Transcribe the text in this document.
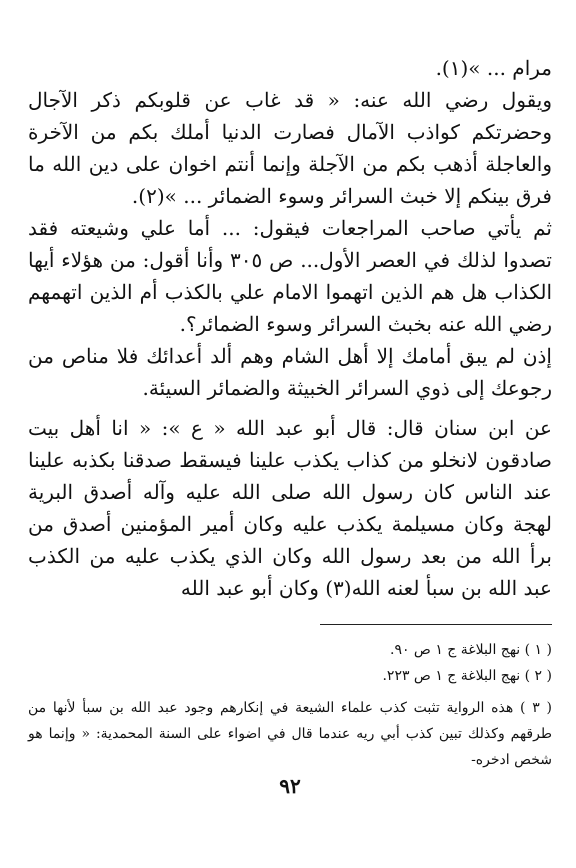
مرام ... »(١).

ويقول رضي الله عنه: « قد غاب عن قلوبكم ذكر الآجال وحضرتكم كواذب الآمال فصارت الدنيا أملك بكم من الآخرة والعاجلة أذهب بكم من الآجلة وإنما أنتم اخوان على دين الله ما فرق بينكم إلا خبث السرائر وسوء الضمائر ... »(٢).

ثم يأتي صاحب المراجعات فيقول: ... أما علي وشيعته فقد تصدوا لذلك في العصر الأول... ص ٣٠٥ وأنا أقول: من هؤلاء أيها الكذاب هل هم الذين اتهموا الامام علي بالكذب أم الذين اتهمهم رضي الله عنه بخبث السرائر وسوء الضمائر؟.

إذن لم يبق أمامك إلا أهل الشام وهم ألد أعدائك فلا مناص من رجوعك إلى ذوي السرائر الخبيثة والضمائر السيئة.

عن ابن سنان قال: قال أبو عبد الله « ع »: « انا أهل بيت صادقون لانخلو من كذاب يكذب علينا فيسقط صدقنا بكذبه علينا عند الناس كان رسول الله صلى الله عليه وآله أصدق البرية لهجة وكان مسيلمة يكذب عليه وكان أمير المؤمنين أصدق من برأ الله من بعد رسول الله وكان الذي يكذب عليه من الكذب عبد الله بن سبأ لعنه الله(٣) وكان أبو عبد الله

( ١ ) نهج البلاغة ج ١ ص ٩٠.

( ٢ ) نهج البلاغة ج ١ ص ٢٢٣.

( ٣ ) هذه الرواية تثبت كذب علماء الشيعة في إنكارهم وجود عبد الله بن سبأ لأنها من طرقهم وكذلك تبين كذب أبي ريه عندما قال في اضواء على السنة المحمدية: « وإنما هو شخص ادخره-

٩٢
